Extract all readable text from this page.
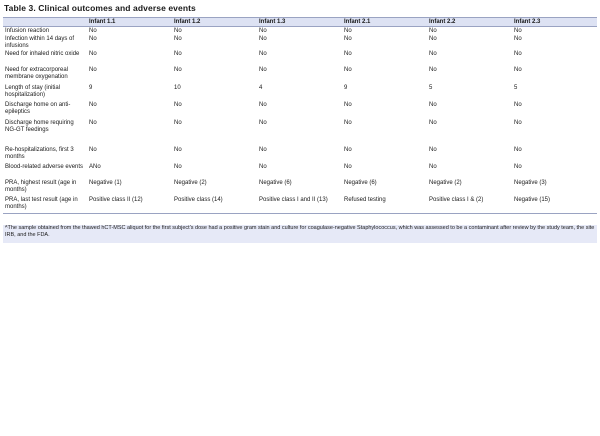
Table 3. Clinical outcomes and adverse events
	Infant 1.1	Infant 1.2	Infant 1.3	Infant 2.1	Infant 2.2	Infant 2.3
Infusion reaction	No	No	No	No	No	No
Infection within 14 days of infusions	No	No	No	No	No	No
Need for inhaled nitric oxide	No	No	No	No	No	No
Need for extracorporeal membrane oxygenation	No	No	No	No	No	No
Length of stay (initial hospitalization)	9	10	4	9	5	5
Discharge home on anti-epileptics	No	No	No	No	No	No
Discharge home requiring NG-GT feedings	No	No	No	No	No	No
Re-hospitalizations, first 3 months	No	No	No	No	No	No
Blood-related adverse events	ANo	No	No	No	No	No
PRA, highest result (age in months)	Negative (1)	Negative (2)	Negative (6)	Negative (6)	Negative (2)	Negative (3)
PRA, last test result (age in months)	Positive class II (12)	Positive class (14)	Positive class I and II (13)	Refused testing	Positive class I & (2)	Negative (15)
ᴬThe sample obtained from the thawed hCT-MSC aliquot for the first subject's dose had a positive gram stain and culture for coagulase-negative Staphylococcus, which was assessed to be a contaminant after review by the study team, the site IRB, and the FDA.
